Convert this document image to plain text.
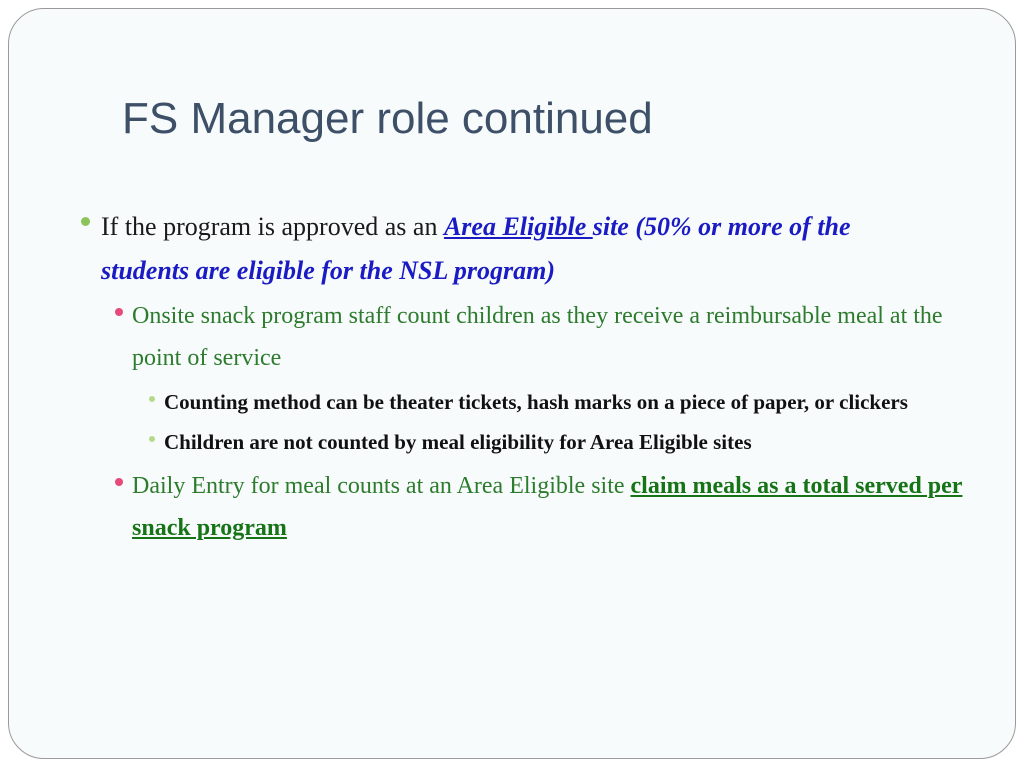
FS Manager role continued
If the program is approved as an Area Eligible site (50% or more of the students are eligible for the NSL program)
Onsite snack program staff count children as they receive a reimbursable meal at the point of service
Counting method can be theater tickets, hash marks on a piece of paper, or clickers
Children are not counted by meal eligibility for Area Eligible sites
Daily Entry for meal counts at an Area Eligible site claim meals as a total served per snack program
